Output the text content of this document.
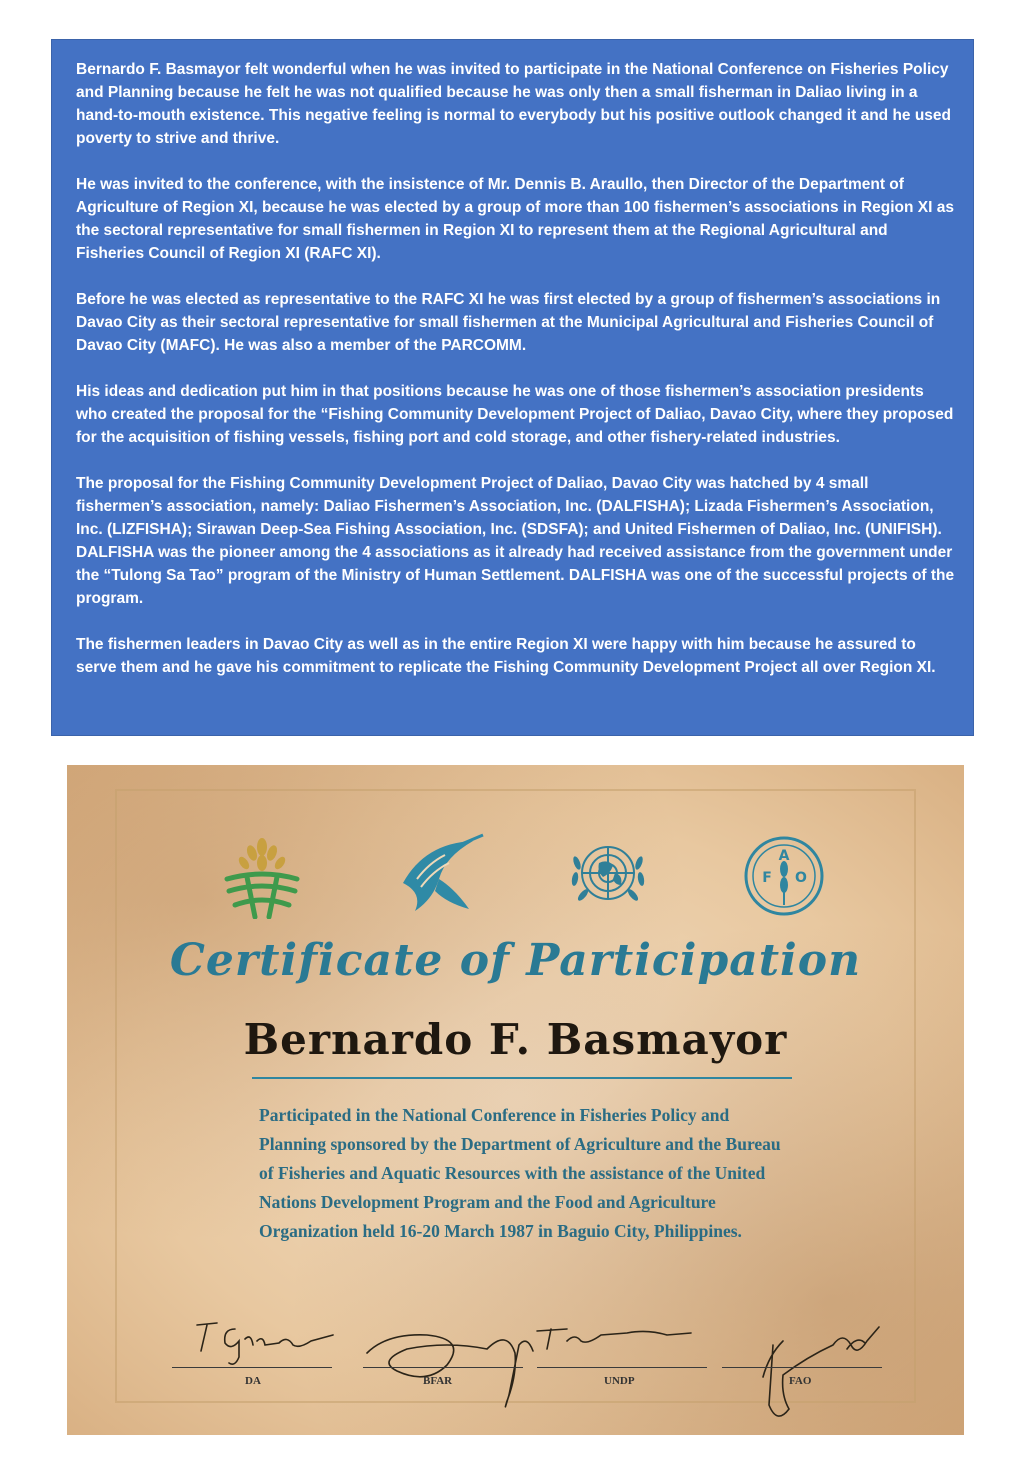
Bernardo F. Basmayor felt wonderful when he was invited to participate in the National Conference on Fisheries Policy and Planning because he felt he was not qualified because he was only then a small fisherman in Daliao living in a hand-to-mouth existence. This negative feeling is normal to everybody but his positive outlook changed it and he used poverty to strive and thrive.

He was invited to the conference, with the insistence of Mr. Dennis B. Araullo, then Director of the Department of Agriculture of Region XI, because he was elected by a group of more than 100 fishermen’s associations in Region XI as the sectoral representative for small fishermen in Region XI to represent them at the Regional Agricultural and Fisheries Council of Region XI (RAFC XI).

Before he was elected as representative to the RAFC XI he was first elected by a group of fishermen’s associations in Davao City as their sectoral representative for small fishermen at the Municipal Agricultural and Fisheries Council of Davao City (MAFC). He was also a member of the PARCOMM.

His ideas and dedication put him in that positions because he was one of those fishermen’s association presidents who created the proposal for the “Fishing Community Development Project of Daliao, Davao City, where they proposed for the acquisition of fishing vessels, fishing port and cold storage, and other fishery-related industries.

The proposal for the Fishing Community Development Project of Daliao, Davao City was hatched by 4 small fishermen’s association, namely: Daliao Fishermen’s Association, Inc. (DALFISHA); Lizada Fishermen’s Association, Inc. (LIZFISHA); Sirawan Deep-Sea Fishing Association, Inc. (SDSFA); and United Fishermen of Daliao, Inc. (UNIFISH). DALFISHA was the pioneer among the 4 associations as it already had received assistance from the government under the “Tulong Sa Tao” program of the Ministry of Human Settlement. DALFISHA was one of the successful projects of the program.

The fishermen leaders in Davao City as well as in the entire Region XI were happy with him because he assured to serve them and he gave his commitment to replicate the Fishing Community Development Project all over Region XI.

A
F O
Certificate of Participation
Bernardo F. Basmayor
Participated in the National Conference in Fisheries Policy and Planning sponsored by the Department of Agriculture and the Bureau of Fisheries and Aquatic Resources with the assistance of the United Nations Development Program and the Food and Agriculture Organization held 16-20 March 1987 in Baguio City, Philippines.
DA	BFAR	UNDP	FAO
